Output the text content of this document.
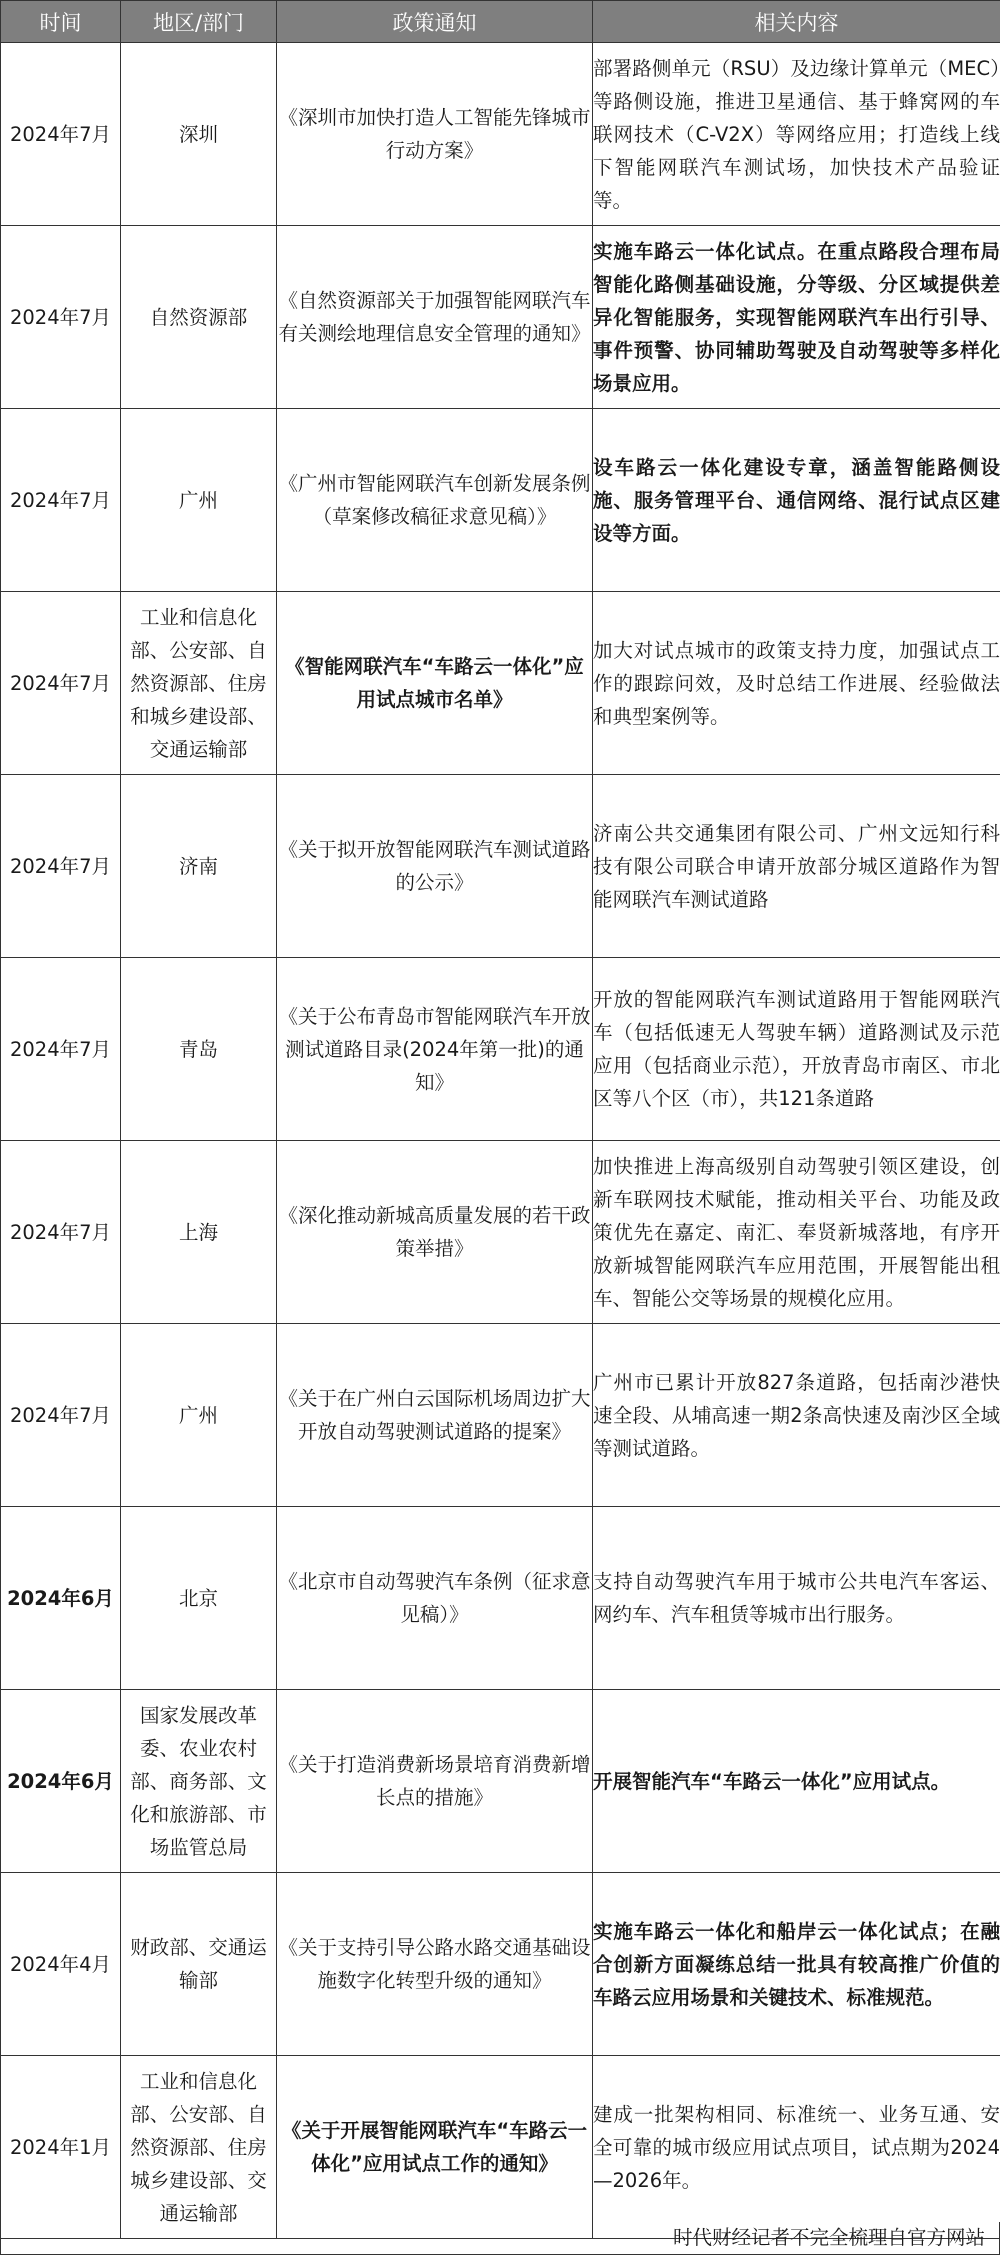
时间	地区/部门	政策通知	相关内容
2024年7月	深圳	《深圳市加快打造人工智能先锋城市行动方案》	部署路侧单元（RSU）及边缘计算单元（MEC）等路侧设施，推进卫星通信、基于蜂窝网的车联网技术（C-V2X）等网络应用；打造线上线下智能网联汽车测试场，加快技术产品验证等。
2024年7月	自然资源部	《自然资源部关于加强智能网联汽车有关测绘地理信息安全管理的通知》	实施车路云一体化试点。在重点路段合理布局智能化路侧基础设施，分等级、分区域提供差异化智能服务，实现智能网联汽车出行引导、事件预警、协同辅助驾驶及自动驾驶等多样化场景应用。
2024年7月	广州	《广州市智能网联汽车创新发展条例（草案修改稿征求意见稿）》	设车路云一体化建设专章，涵盖智能路侧设施、服务管理平台、通信网络、混行试点区建设等方面。
2024年7月	工业和信息化部、公安部、自然资源部、住房和城乡建设部、交通运输部	《智能网联汽车“车路云一体化”应用试点城市名单》	加大对试点城市的政策支持力度，加强试点工作的跟踪问效，及时总结工作进展、经验做法和典型案例等。
2024年7月	济南	《关于拟开放智能网联汽车测试道路的公示》	济南公共交通集团有限公司、广州文远知行科技有限公司联合申请开放部分城区道路作为智能网联汽车测试道路
2024年7月	青岛	《关于公布青岛市智能网联汽车开放测试道路目录(2024年第一批)的通知》	开放的智能网联汽车测试道路用于智能网联汽车（包括低速无人驾驶车辆）道路测试及示范应用（包括商业示范），开放青岛市南区、市北区等八个区（市），共121条道路
2024年7月	上海	《深化推动新城高质量发展的若干政策举措》	加快推进上海高级别自动驾驶引领区建设，创新车联网技术赋能，推动相关平台、功能及政策优先在嘉定、南汇、奉贤新城落地，有序开放新城智能网联汽车应用范围，开展智能出租车、智能公交等场景的规模化应用。
2024年7月	广州	《关于在广州白云国际机场周边扩大开放自动驾驶测试道路的提案》	广州市已累计开放827条道路，包括南沙港快速全段、从埔高速一期2条高快速及南沙区全域等测试道路。
2024年6月	北京	《北京市自动驾驶汽车条例（征求意见稿）》	支持自动驾驶汽车用于城市公共电汽车客运、网约车、汽车租赁等城市出行服务。
2024年6月	国家发展改革委、农业农村部、商务部、文化和旅游部、市场监管总局	《关于打造消费新场景培育消费新增长点的措施》	开展智能汽车“车路云一体化”应用试点。
2024年4月	财政部、交通运输部	《关于支持引导公路水路交通基础设施数字化转型升级的通知》	实施车路云一体化和船岸云一体化试点；在融合创新方面凝练总结一批具有较高推广价值的车路云应用场景和关键技术、标准规范。
2024年1月	工业和信息化部、公安部、自然资源部、住房城乡建设部、交通运输部	《关于开展智能网联汽车“车路云一体化”应用试点工作的通知》	建成一批架构相同、标准统一、业务互通、安全可靠的城市级应用试点项目，试点期为2024—2026年。
时代财经记者不完全梳理自官方网站
